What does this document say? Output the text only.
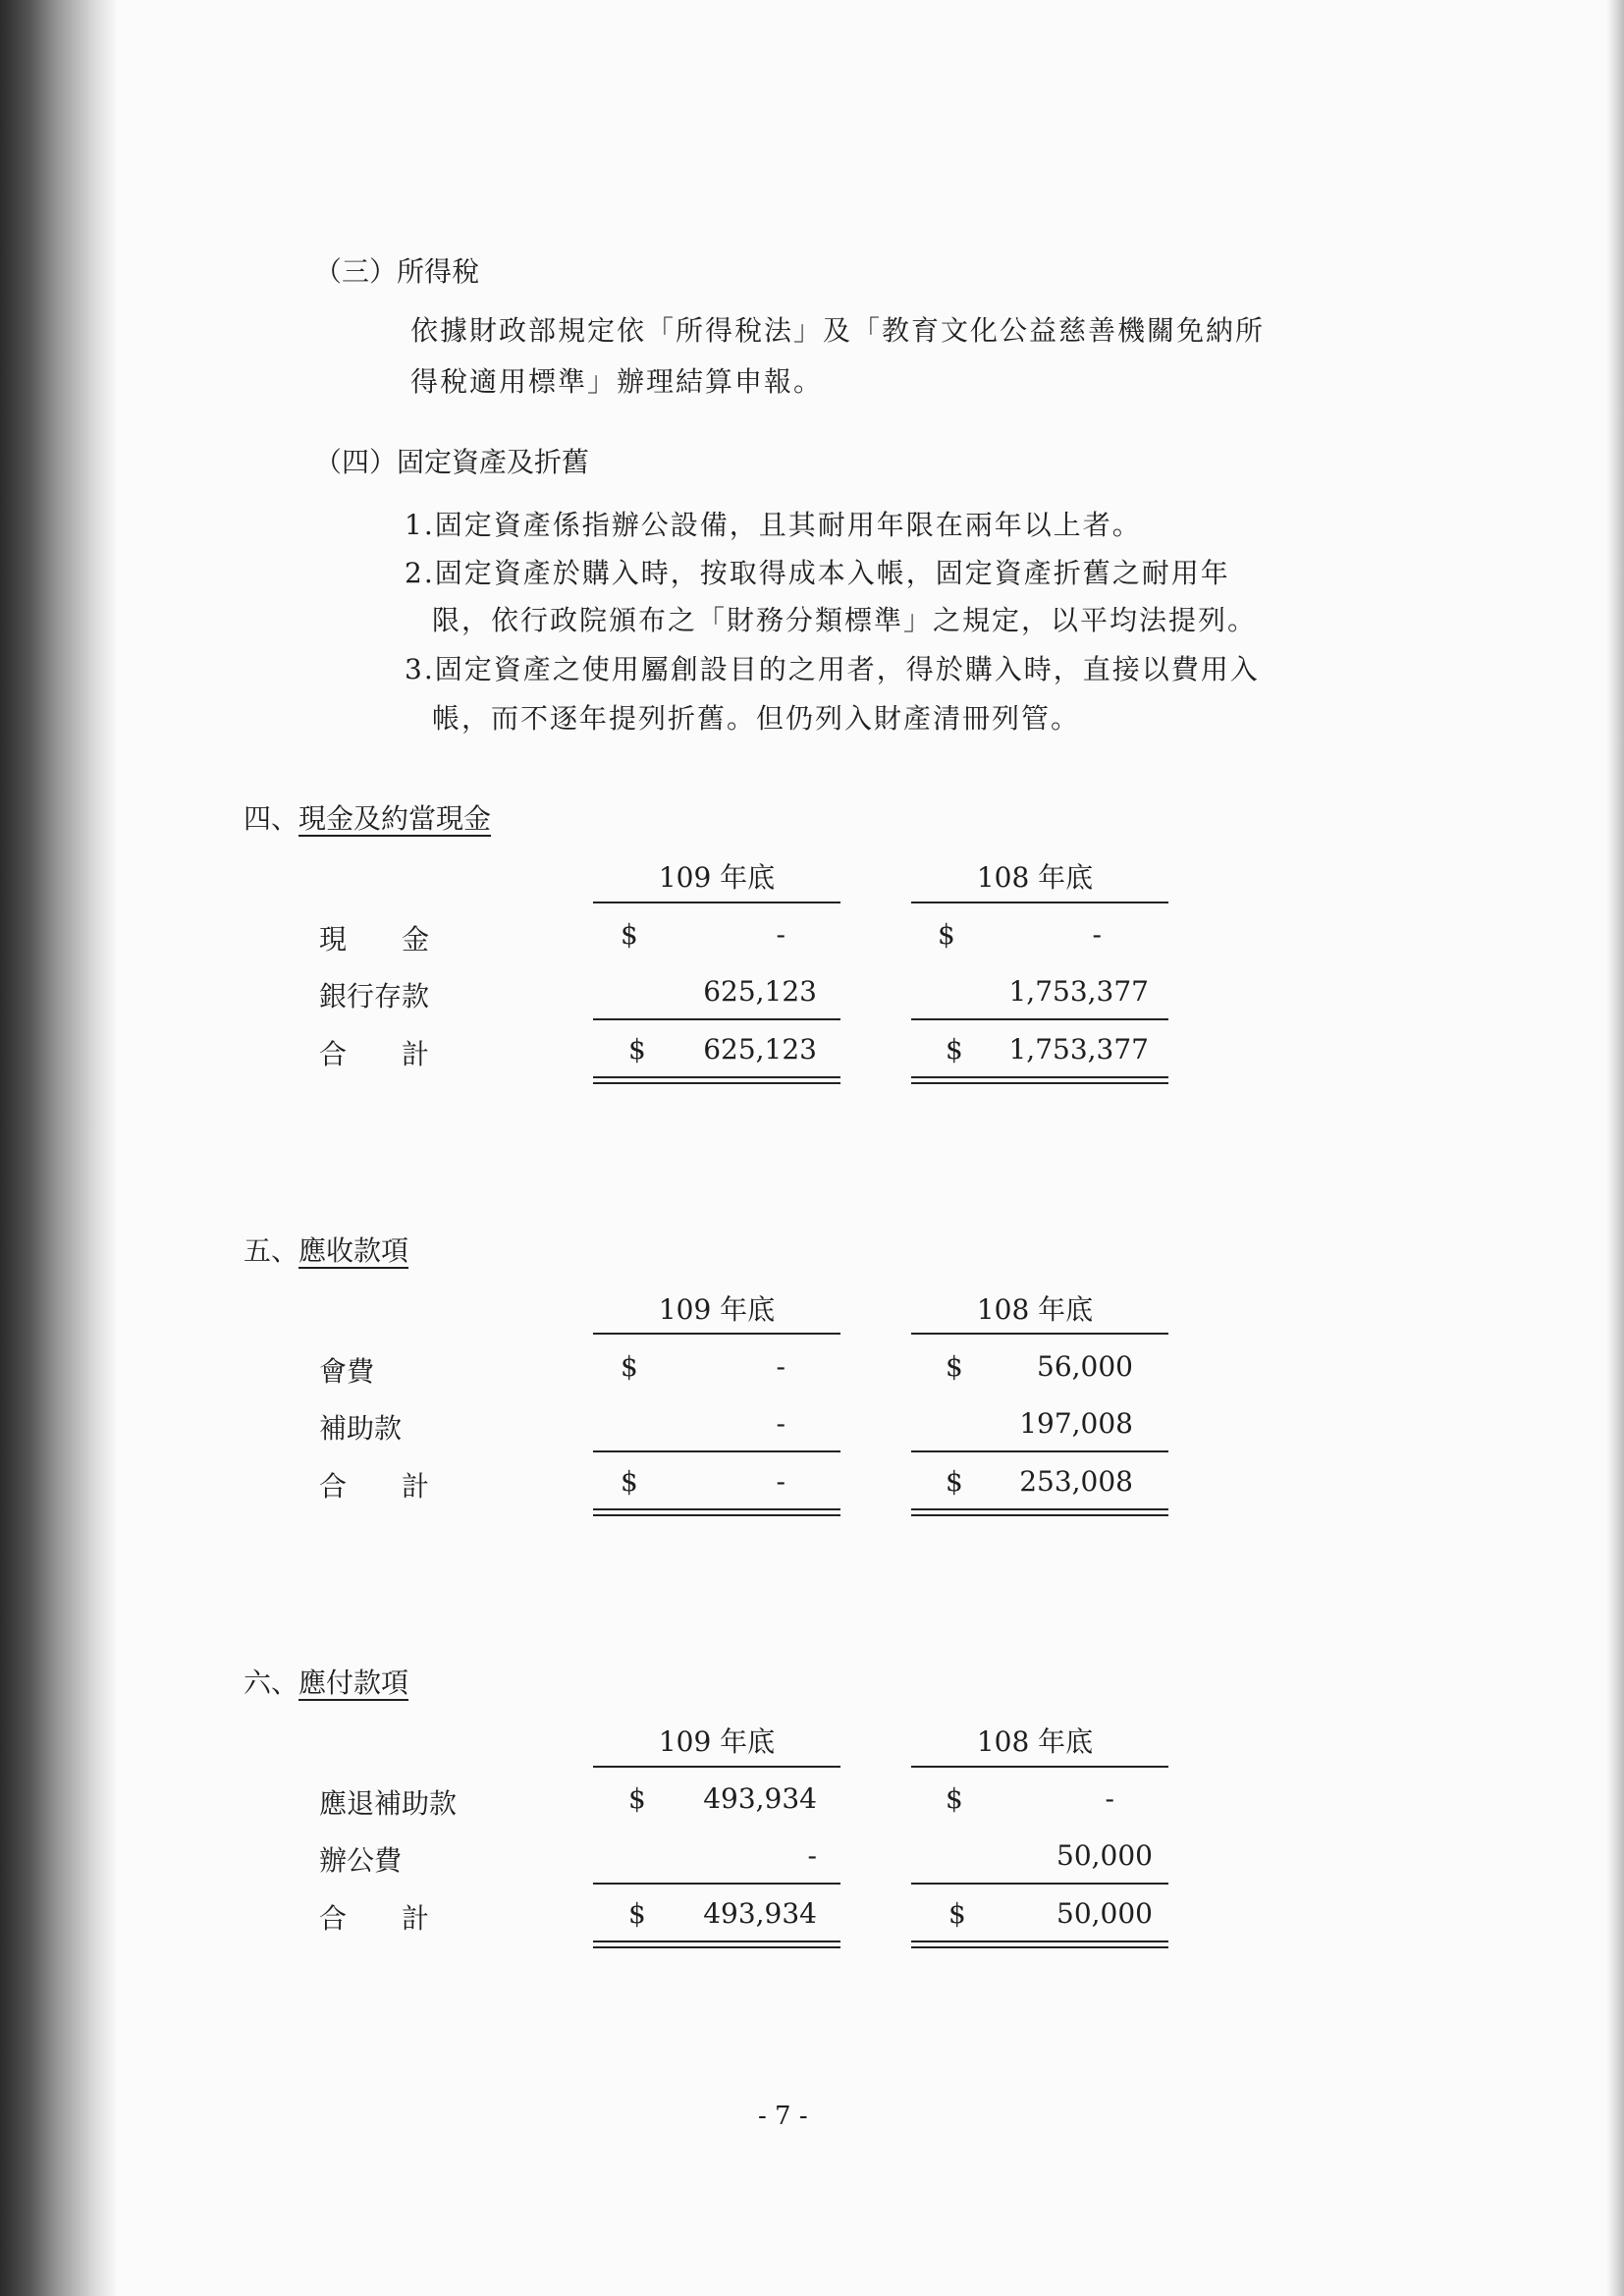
（三）所得稅
依據財政部規定依「所得稅法」及「教育文化公益慈善機關免納所
得稅適用標準」辦理結算申報。
（四）固定資產及折舊
1.固定資產係指辦公設備，且其耐用年限在兩年以上者。
2.固定資產於購入時，按取得成本入帳，固定資產折舊之耐用年
限，依行政院頒布之「財務分類標準」之規定，以平均法提列。
3.固定資產之使用屬創設目的之用者，得於購入時，直接以費用入
帳，而不逐年提列折舊。但仍列入財產清冊列管。
四、現金及約當現金
109 年底	108 年底
現　　金	$	-	$	-
銀行存款	625,123	1,753,377
合　　計	$	625,123	$	1,753,377
五、應收款項
109 年底	108 年底
會費	$	-	$	56,000
補助款	-	197,008
合　　計	$	-	$	253,008
六、應付款項
109 年底	108 年底
應退補助款	$	493,934	$	-
辦公費	-	50,000
合　　計	$	493,934	$	50,000
- 7 -
